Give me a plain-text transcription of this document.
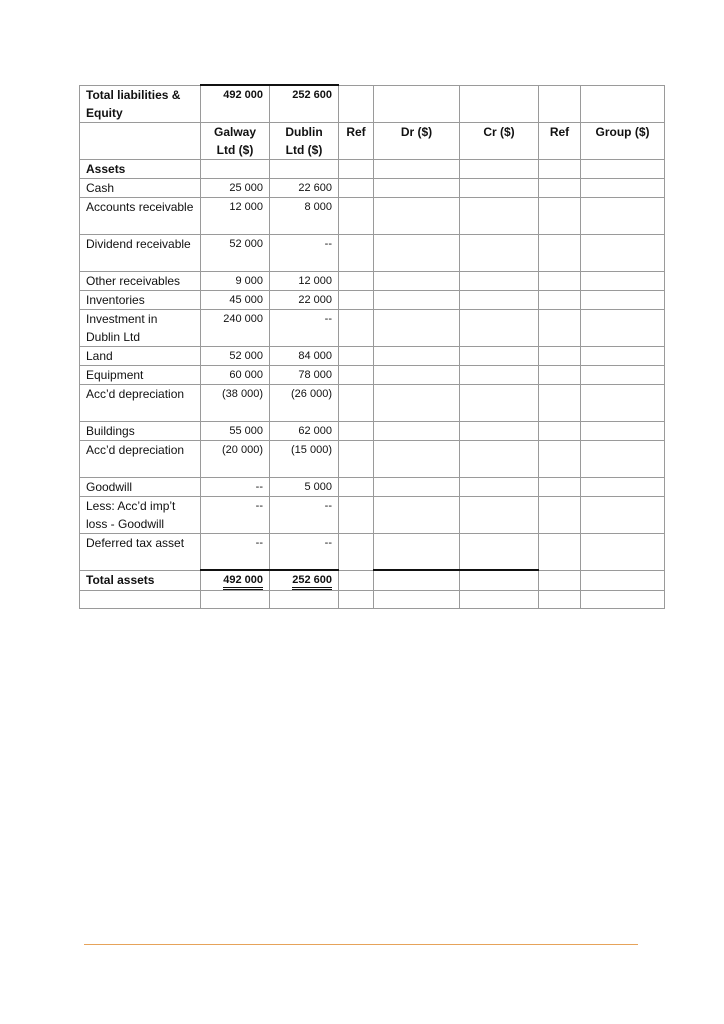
Total liabilities & Equity	492 000	252 600					
	Galway Ltd ($)	Dublin Ltd ($)	Ref	Dr ($)	Cr ($)	Ref	Group ($)
Assets							
Cash	25 000	22 600					
Accounts receivable	12 000	8 000					
Dividend receivable	52 000	--					
Other receivables	9 000	12 000					
Inventories	45 000	22 000					
Investment in Dublin Ltd	240 000	--					
Land	52 000	84 000					
Equipment	60 000	78 000					
Acc’d depreciation	(38 000)	(26 000)					
Buildings	55 000	62 000					
Acc’d depreciation	(20 000)	(15 000)					
Goodwill	--	5 000					
Less: Acc’d imp’t loss - Goodwill	--	--					
Deferred tax asset	--	--					
Total assets	492 000	252 600					
